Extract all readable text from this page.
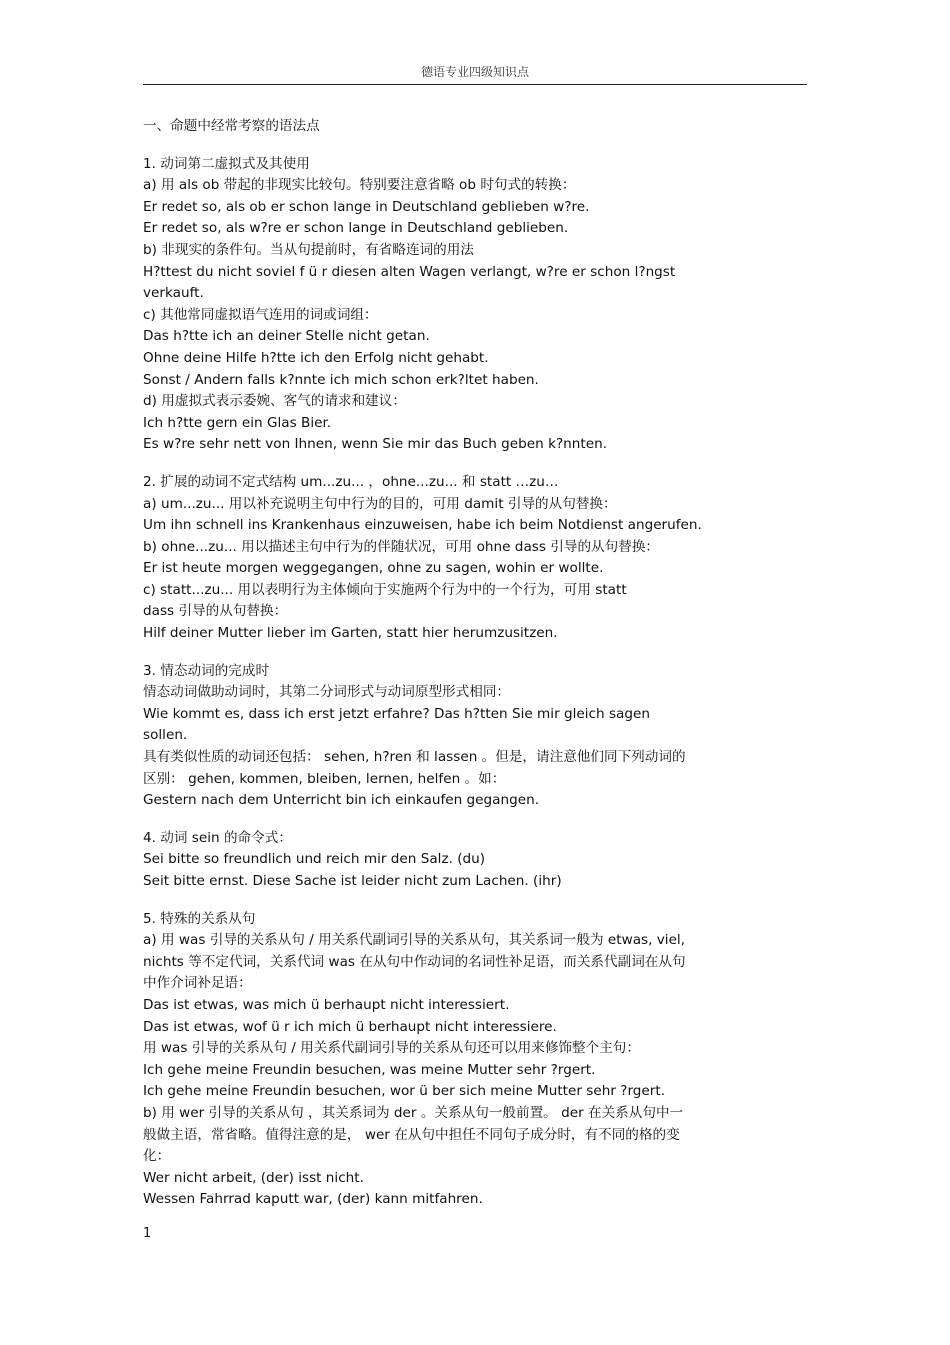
德语专业四级知识点
一、命题中经常考察的语法点
1. 动词第二虚拟式及其使用
a) 用 als ob 带起的非现实比较句。特别要注意省略 ob 时句式的转换：
Er redet so, als ob er schon lange in Deutschland geblieben w?re.
Er redet so, als w?re er schon lange in Deutschland geblieben.
b) 非现实的条件句。当从句提前时，有省略连词的用法
H?ttest du nicht soviel f ü r diesen alten Wagen verlangt, w?re er schon l?ngst
verkauft.
c) 其他常同虚拟语气连用的词或词组：
Das h?tte ich an deiner Stelle nicht getan.
Ohne deine Hilfe h?tte ich den Erfolg nicht gehabt.
Sonst / Andern falls k?nnte ich mich schon erk?ltet haben.
d) 用虚拟式表示委婉、客气的请求和建议：
Ich h?tte gern ein Glas Bier.
Es w?re sehr nett von Ihnen, wenn Sie mir das Buch geben k?nnten.
2. 扩展的动词不定式结构 um...zu... ，ohne...zu... 和 statt …zu…
a) um...zu... 用以补充说明主句中行为的目的，可用 damit 引导的从句替换：
Um ihn schnell ins Krankenhaus einzuweisen, habe ich beim Notdienst angerufen.
b) ohne...zu... 用以描述主句中行为的伴随状况，可用 ohne dass 引导的从句替换：
Er ist heute morgen weggegangen, ohne zu sagen, wohin er wollte.
c) statt...zu... 用以表明行为主体倾向于实施两个行为中的一个行为，可用 statt
dass 引导的从句替换：
Hilf deiner Mutter lieber im Garten, statt hier herumzusitzen.
3. 情态动词的完成时
情态动词做助动词时，其第二分词形式与动词原型形式相同：
Wie kommt es, dass ich erst jetzt erfahre? Das h?tten Sie mir gleich sagen
sollen.
具有类似性质的动词还包括： sehen, h?ren 和 lassen 。但是，请注意他们同下列动词的
区别： gehen, kommen, bleiben, lernen, helfen 。如：
Gestern nach dem Unterricht bin ich einkaufen gegangen.
4. 动词 sein 的命令式：
Sei bitte so freundlich und reich mir den Salz. (du)
Seit bitte ernst. Diese Sache ist leider nicht zum Lachen. (ihr)
5. 特殊的关系从句
a) 用 was 引导的关系从句 / 用关系代副词引导的关系从句，其关系词一般为 etwas, viel,
nichts 等不定代词，关系代词 was 在从句中作动词的名词性补足语，而关系代副词在从句
中作介词补足语：
Das ist etwas, was mich ü berhaupt nicht interessiert.
Das ist etwas, wof ü r ich mich ü berhaupt nicht interessiere.
用 was 引导的关系从句 / 用关系代副词引导的关系从句还可以用来修饰整个主句：
Ich gehe meine Freundin besuchen, was meine Mutter sehr ?rgert.
Ich gehe meine Freundin besuchen, wor ü ber sich meine Mutter sehr ?rgert.
b) 用 wer 引导的关系从句 ，其关系词为 der 。关系从句一般前置。 der 在关系从句中一
般做主语，常省略。值得注意的是， wer 在从句中担任不同句子成分时，有不同的格的变
化：
Wer nicht arbeit, (der) isst nicht.
Wessen Fahrrad kaputt war, (der) kann mitfahren.
1
